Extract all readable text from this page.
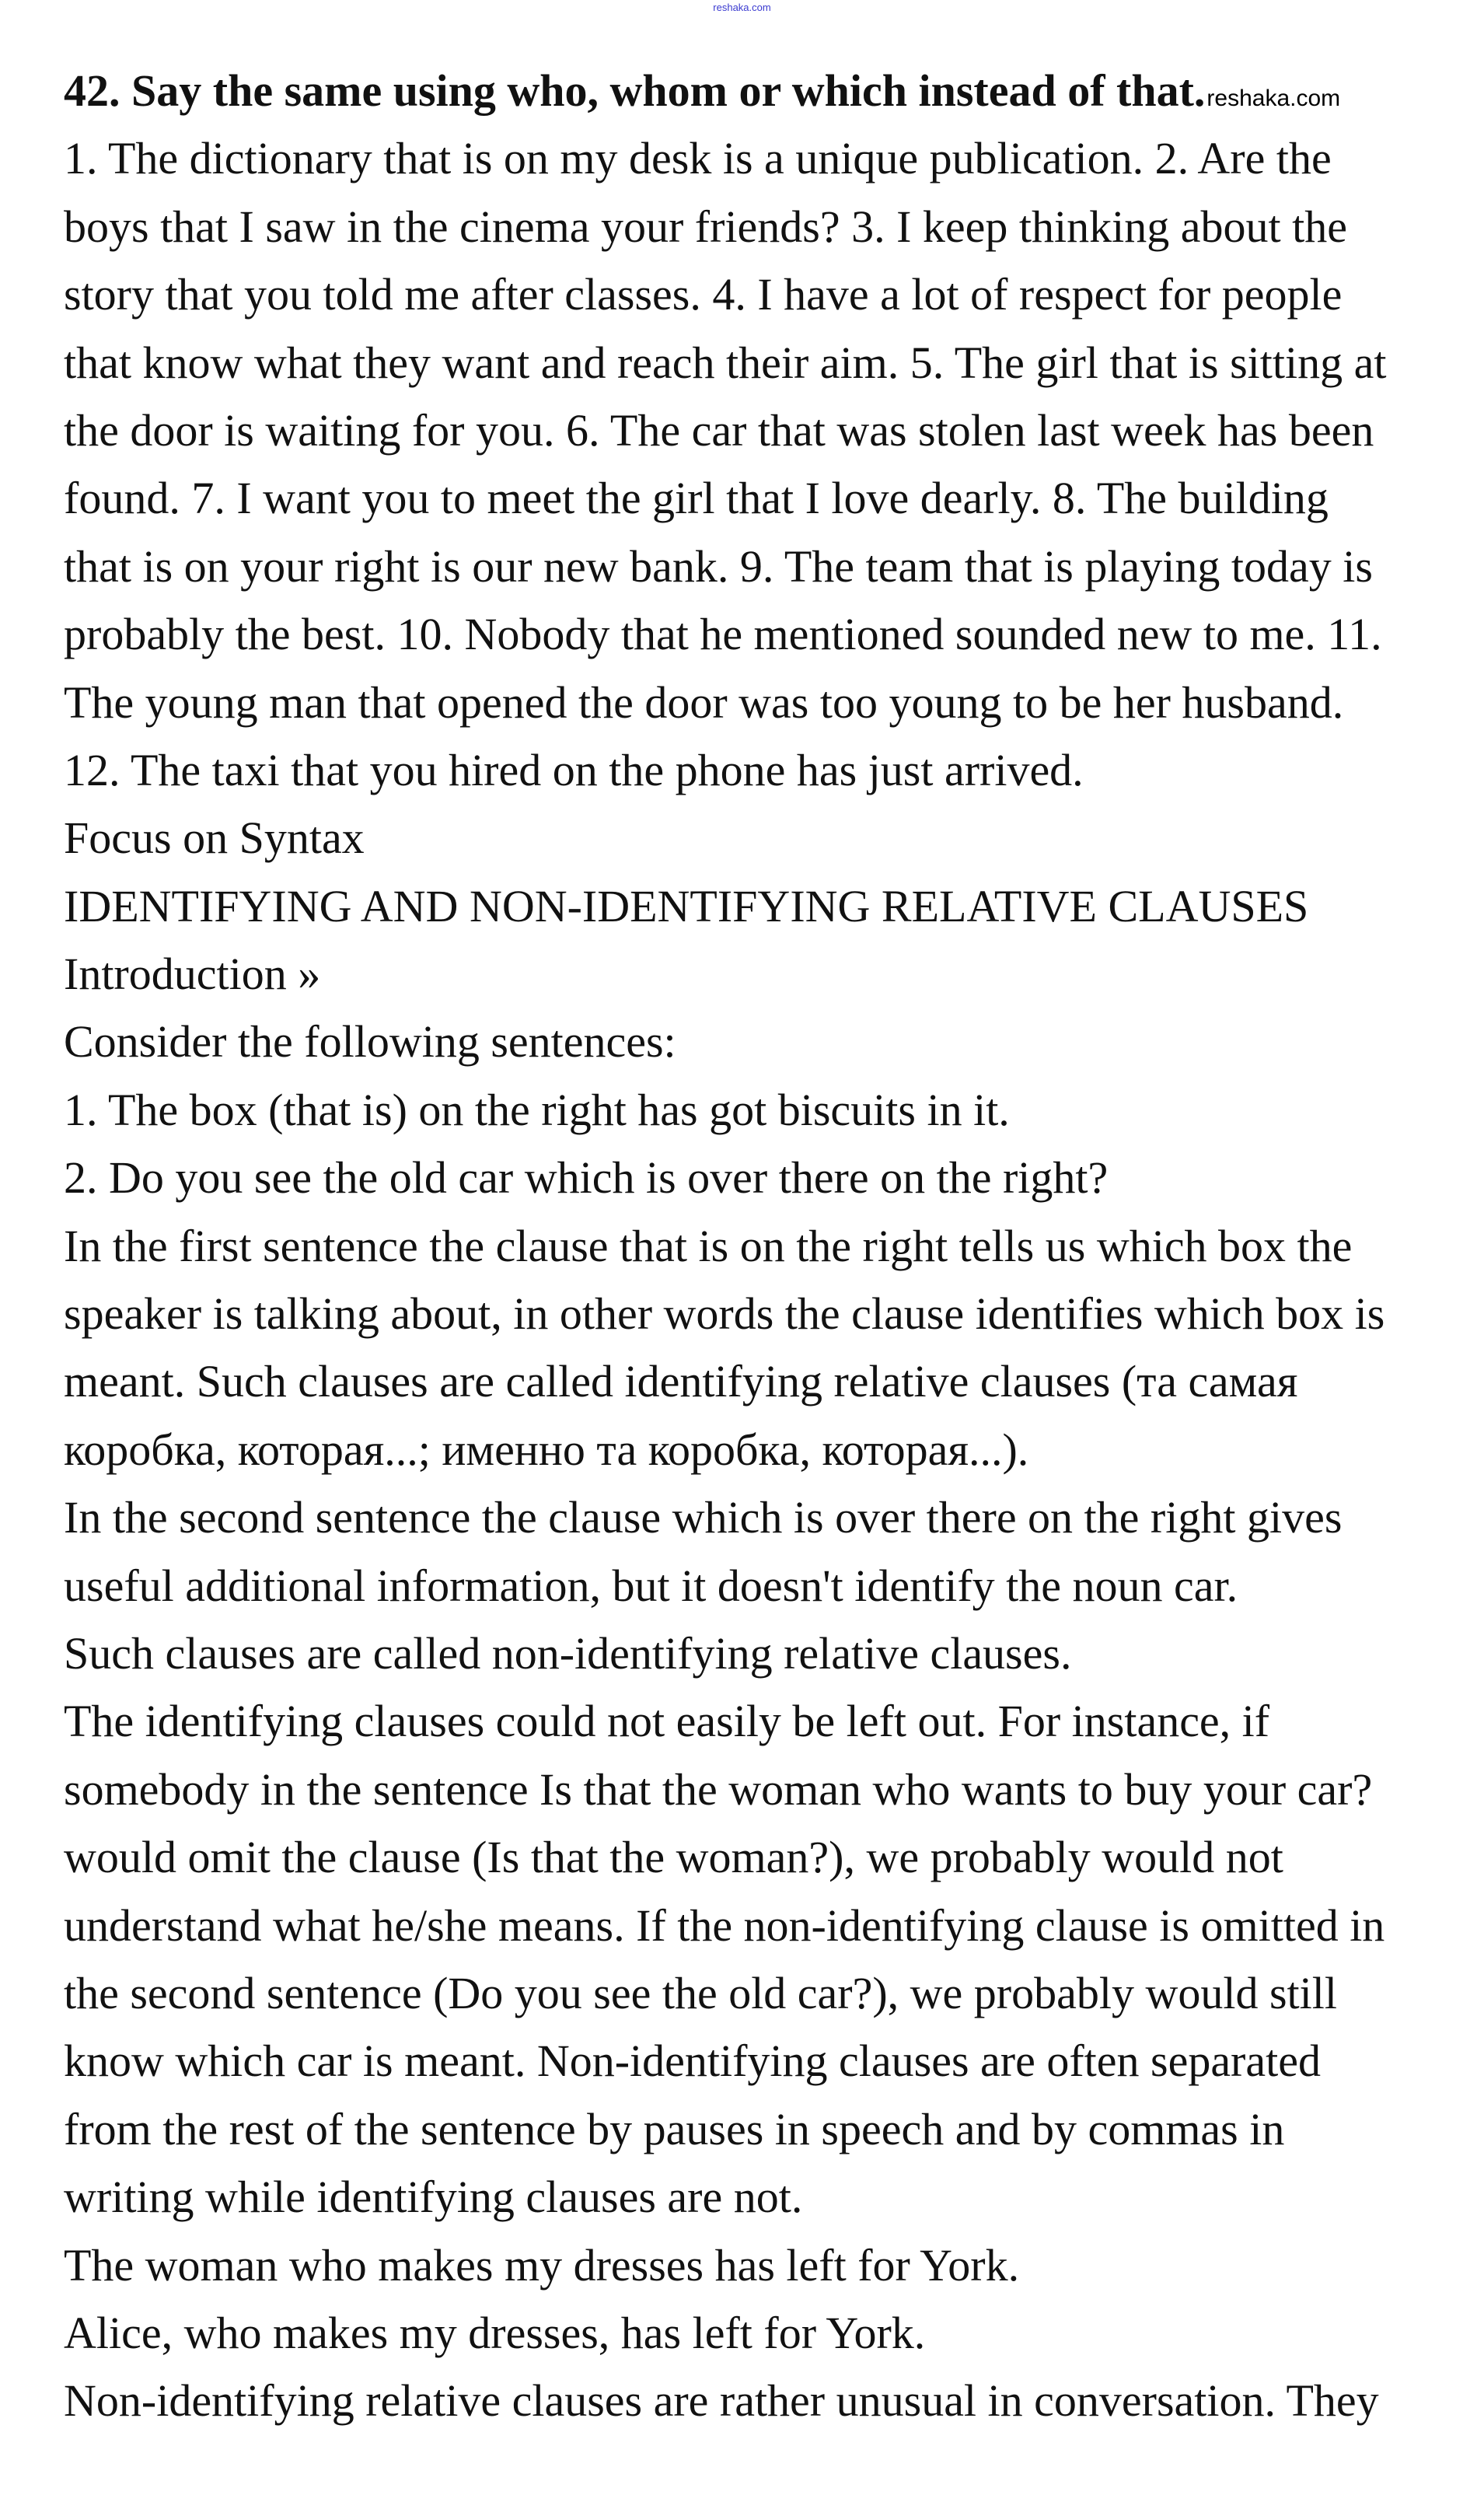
reshaka.com
42. Say the same using who, whom or which instead of that.reshaka.com
1. The dictionary that is on my desk is a unique publication. 2. Are the
boys that I saw in the cinema your friends? 3. I keep thinking about the
story that you told me after classes. 4. I have a lot of respect for people
that know what they want and reach their aim. 5. The girl that is sitting at
the door is waiting for you. 6. The car that was stolen last week has been
found. 7. I want you to meet the girl that I love dearly. 8. The building
that is on your right is our new bank. 9. The team that is playing today is
probably the best. 10. Nobody that he mentioned sounded new to me. 11.
The young man that opened the door was too young to be her husband.
12. The taxi that you hired on the phone has just arrived.
Focus on Syntax
IDENTIFYING AND NON-IDENTIFYING RELATIVE CLAUSES
Introduction »
Consider the following sentences:
1. The box (that is) on the right has got biscuits in it.
2. Do you see the old car which is over there on the right?
In the first sentence the clause that is on the right tells us which box the
speaker is talking about, in other words the clause identifies which box is
meant. Such clauses are called identifying relative clauses (та самая
коробка, которая...; именно та коробка, которая...).
In the second sentence the clause which is over there on the right gives
useful additional information, but it doesn't identify the noun car.
Such clauses are called non-identifying relative clauses.
The identifying clauses could not easily be left out. For instance, if
somebody in the sentence Is that the woman who wants to buy your car?
would omit the clause (Is that the woman?), we probably would not
understand what he/she means. If the non-identifying clause is omitted in
the second sentence (Do you see the old car?), we probably would still
know which car is meant. Non-identifying clauses are often separated
from the rest of the sentence by pauses in speech and by commas in
writing while identifying clauses are not.
The woman who makes my dresses has left for York.
Alice, who makes my dresses, has left for York.
Non-identifying relative clauses are rather unusual in conversation. They
